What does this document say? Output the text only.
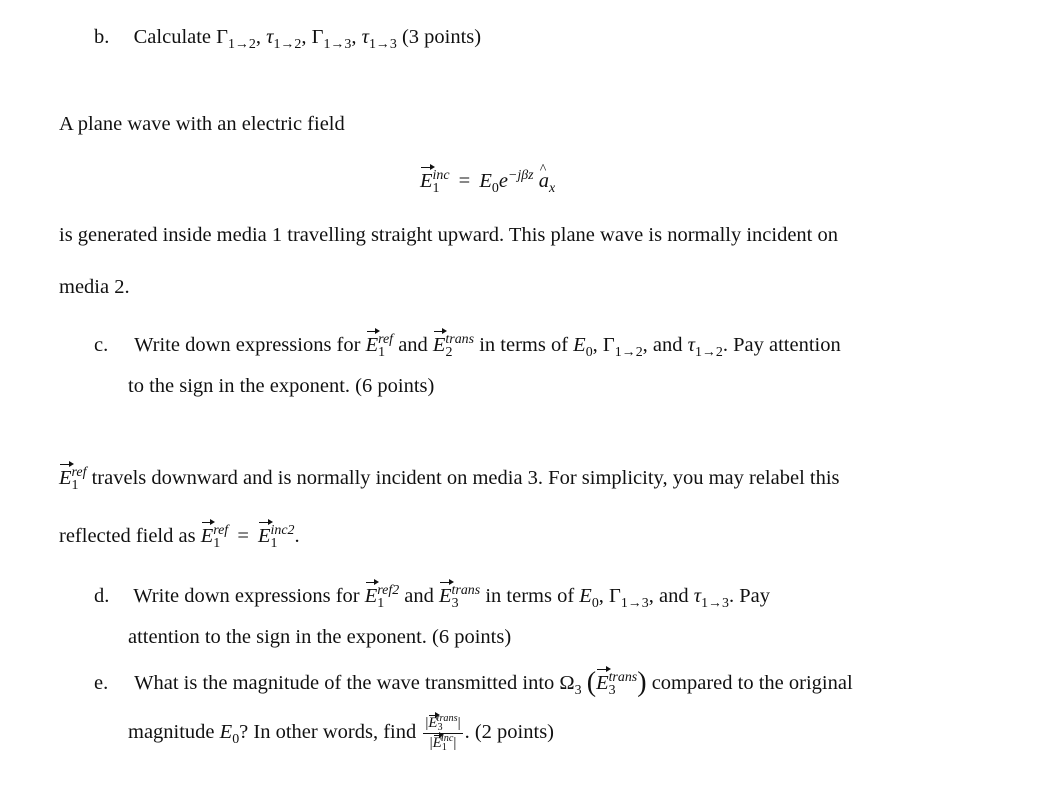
b. Calculate $\Gamma_{1\to 2}$, $\tau_{1\to 2}$, $\Gamma_{1\to 3}$, $\tau_{1\to 3}$ (3 points)
A plane wave with an electric field
$E_1^{inc} = E_0e^{-j\beta z}$ ^ $a_x$
is generated inside media 1 travelling straight upward. This plane wave is normally incident on
media 2.
c. Write down expressions for $E_1^{ref}$ and $E_2^{trans}$ in terms of $E_0$, $\Gamma_{1\to 2}$, and $\tau_{1\to 2}$. Pay attention
to the sign in the exponent. (6 points)
$E_1^{ref}$ travels downward and is normally incident on media 3. For simplicity, you may relabel this
reflected field as $E_1^{ref} = E_1^{inc2}$.
d. Write down expressions for $E_1^{ref2}$ and $E_3^{trans}$ in terms of $E_0$, $\Gamma_{1\to 3}$, and $\tau_{1\to 3}$. Pay
attention to the sign in the exponent. (6 points)
e. What is the magnitude of the wave transmitted into $\Omega_3$ $(E_3^{trans})$ compared to the original
magnitude $E_0$? In other words, find $\frac{|E_3^{trans}|}{|E_1^{inc}|}$ . (2 points)
